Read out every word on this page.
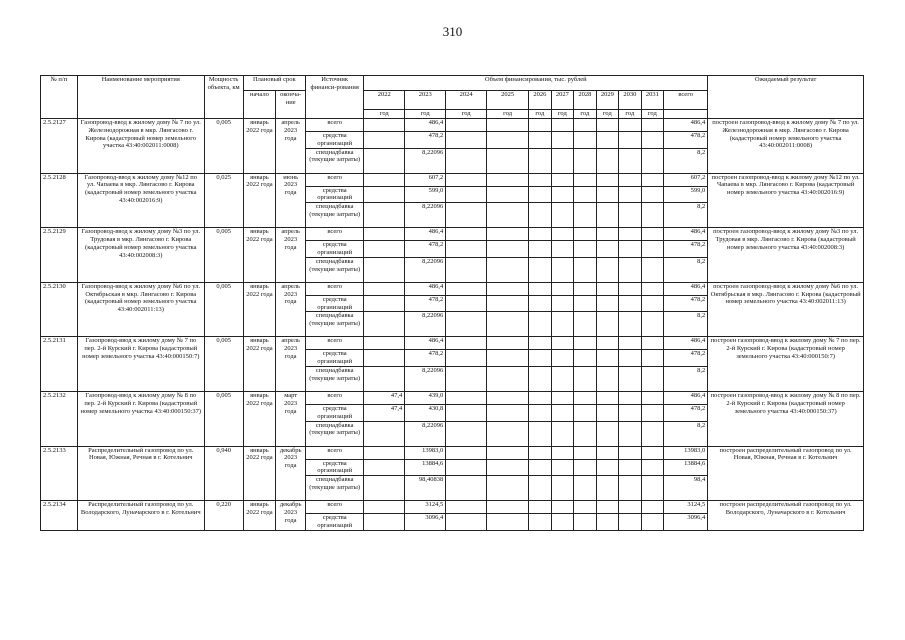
310
№ п/п	Наименование мероприятия	Мощность объекта, км	Плановый срок		Источник финанси-рования	Объем финансирования, тыс. рублей											Ожидаемый результат
			начало	оконча-ние		2022	2023	2024	2025	2026	2027	2028	2029	2030	2031	всего	
						год	год	год	год	год	год	год	год	год	год		
2.5.2127	Газопровод-ввод к жилому дому № 7 по ул. Железнодорожная в мкр. Лянгасово г. Кирова (кадастровый номер земельного участка 43:40:002011:0008)	0,005	январь 2022 года	апрель 2023 года	всего		486,4									486,4	построен газопровод-ввод к жилому дому № 7 по ул. Железнодорожная в мкр. Лянгасово г. Кирова (кадастровый номер земельного участка 43:40:002011:0008)
					средства организаций		478,2									478,2	
					спецнадбавка (текущие затраты)		8,22096									8,2	
2.5.2128	Газопровод-ввод к жилому дому №12 по ул. Чапаева в мкр. Лянгасово г. Кирова (кадастровый номер земельного участка 43:40:002016:9)	0,025	январь 2022 года	июнь 2023 года	всего		607,2									607,2	построен газопровод-ввод к жилому дому №12 по ул. Чапаева в мкр. Лянгасово г. Кирова (кадастровый номер земельного участка 43:40:002016:9)
					средства организаций		599,0									599,0	
					спецнадбавка (текущие затраты)		8,22096									8,2	
2.5.2129	Газопровод-ввод к жилому дому №3 по ул. Трудовая в мкр. Лянгасово г. Кирова (кадастровый номер земельного участка 43:40:002008:3)	0,005	январь 2022 года	апрель 2023 года	всего		486,4									486,4	построен газопровод-ввод к жилому дому №3 по ул. Трудовая в мкр. Лянгасово г. Кирова (кадастровый номер земельного участка 43:40:002008:3)
					средства организаций		478,2									478,2	
					спецнадбавка (текущие затраты)		8,22096									8,2	
2.5.2130	Газопровод-ввод к жилому дому №6 по ул. Октябрьская в мкр. Лянгасово г. Кирова (кадастровый номер земельного участка 43:40:002011:13)	0,005	январь 2022 года	апрель 2023 года	всего		486,4									486,4	построен газопровод-ввод к жилому дому №6 по ул. Октябрьская в мкр. Лянгасово г. Кирова (кадастровый номер земельного участка 43:40:002011:13)
					средства организаций		478,2									478,2	
					спецнадбавка (текущие затраты)		8,22096									8,2	
2.5.2131	Газопровод-ввод к жилому дому № 7 по пер. 2-й Курский г. Кирова (кадастровый номер земельного участка 43:40:000150:7)	0,005	январь 2022 года	апрель 2023 года	всего		486,4									486,4	построен газопровод-ввод к жилому дому № 7 по пер. 2-й Курский г. Кирова (кадастровый номер земельного участка 43:40:000150:7)
					средства организаций		478,2									478,2	
					спецнадбавка (текущие затраты)		8,22096									8,2	
2.5.2132	Газопровод-ввод к жилому дому № 8 по пер. 2-й Курский г. Кирова (кадастровый номер земельного участка 43:40:000150:37)	0,005	январь 2022 года	март 2023 года	всего	47,4	439,0									486,4	построен газопровод-ввод к жилому дому № 8 по пер. 2-й Курский г. Кирова (кадастровый номер земельного участка 43:40:000150:37)
					средства организаций	47,4	430,8									478,2	
					спецнадбавка (текущие затраты)		8,22096									8,2	
2.5.2133	Распределительный газопровод по ул. Новая, Южная, Речная в г. Котельнич	0,940	январь 2022 года	декабрь 2023 года	всего		13983,0									13983,0	построен распределительный газопровод по ул. Новая, Южная, Речная в г. Котельнич
					средства организаций		13884,6									13884,6	
					спецнадбавка (текущие затраты)		98,40838									98,4	
2.5.2134	Распределительный газопровод по ул. Володарского, Луначарского в г. Котельнич	0,220	январь 2022 года	декабрь 2023 года	всего		3124,5									3124,5	построен распределительный газопровод по ул. Володарского, Луначарского в г. Котельнич
					средства организаций		3096,4									3096,4	
